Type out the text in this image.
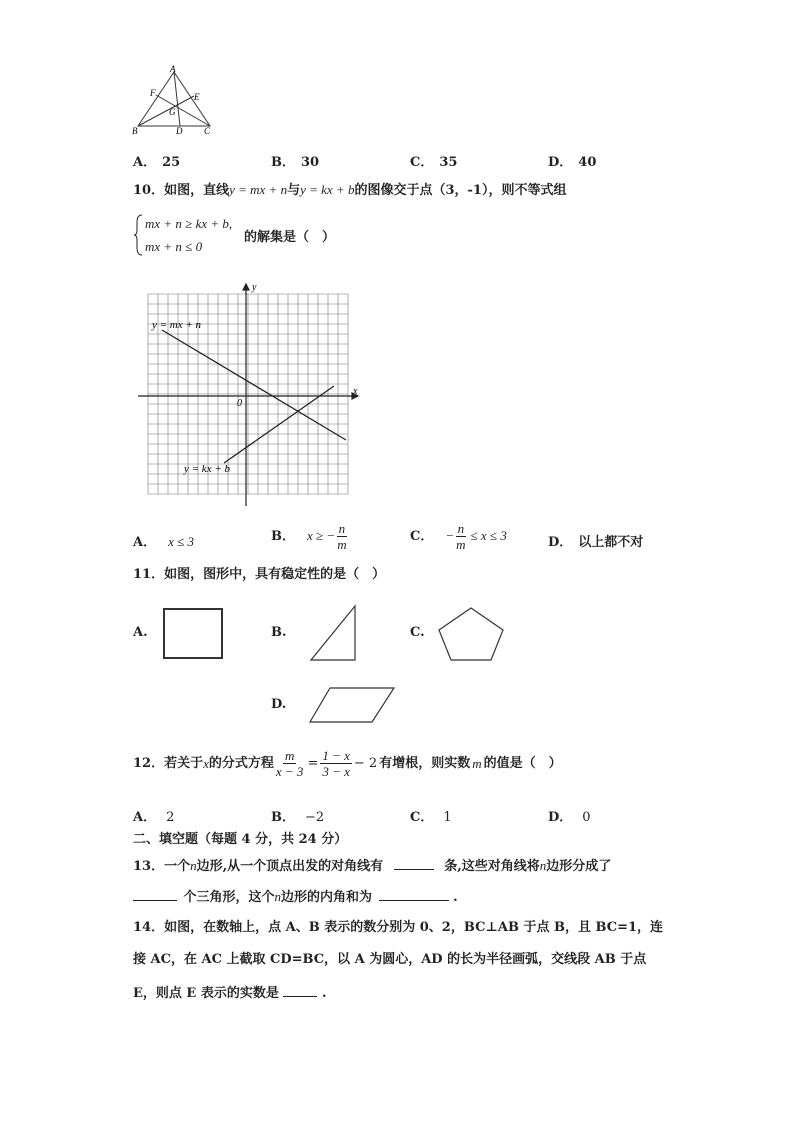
A
F	E
G
B	D C
A． 25	B． 30	C． 35	D． 40
10．如图，直线y = mx + n与y = kx + b的图像交于点（3，-1），则不等式组
mx + n ≥ kx + b,
mx + n ≤ 0
的解集是（　）
x
y
0
y = mx + n
y = kx + b
A． x ≤ 3	B． x ≥ − $\frac{n}{m}$	C． − $\frac{n}{m} \le x \le 3$	D． 以上都不对
11．如图，图形中，具有稳定性的是（　）
A.	B.	C.
D.
12．若关于 x 的分式方程 $\frac{m}{x - 3} = \frac{1 - x}{3 - x} - 2$ 有增根，则实数 m 的值是（　）
A． 2	B． −2	C． 1	D． 0
二、填空题（每题 4 分，共 24 分）
13．一个n边形,从一个顶点出发的对角线有	条,这些对角线将n边形分成了
个三角形，这个n边形的内角和为	.
14．如图，在数轴上，点 A、B 表示的数分别为 0、2，BC⊥AB 于点 B，且 BC=1，连
接 AC，在 AC 上截取 CD=BC，以 A 为圆心，AD 的长为半径画弧，交线段 AB 于点
E，则点 E 表示的实数是	.
